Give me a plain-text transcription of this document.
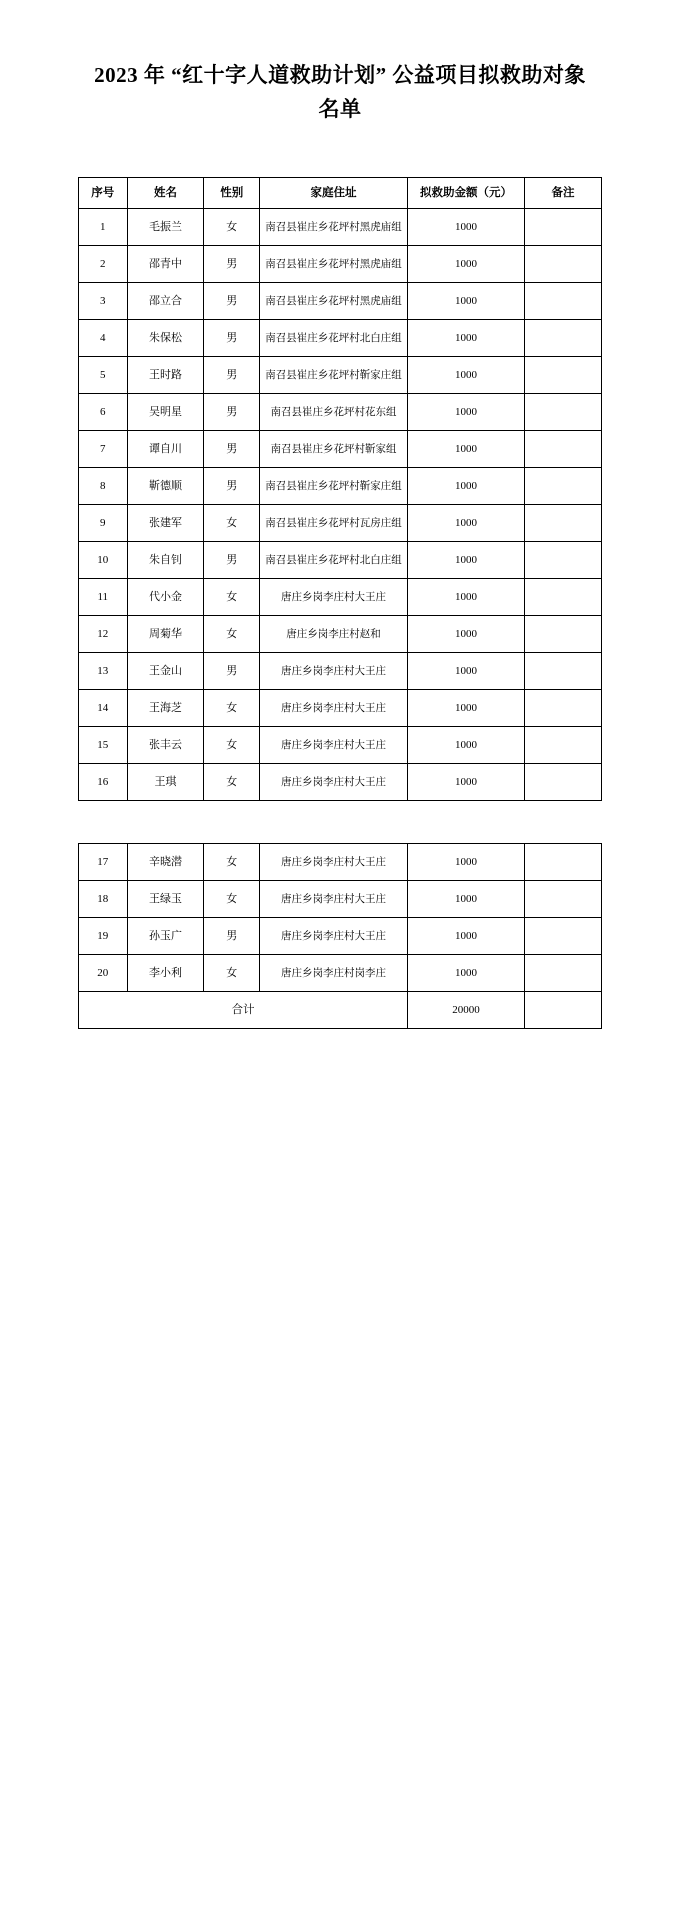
2023 年 “红十字人道救助计划” 公益项目拟救助对象名单
序号	姓名	性别	家庭住址	拟救助金额（元）	备注
1	毛振兰	女	南召县崔庄乡花坪村黑虎庙组	1000	
2	邵青中	男	南召县崔庄乡花坪村黑虎庙组	1000	
3	邵立合	男	南召县崔庄乡花坪村黑虎庙组	1000	
4	朱保松	男	南召县崔庄乡花坪村北白庄组	1000	
5	王时路	男	南召县崔庄乡花坪村靳家庄组	1000	
6	吴明星	男	南召县崔庄乡花坪村花东组	1000	
7	谭自川	男	南召县崔庄乡花坪村靳家组	1000	
8	靳德顺	男	南召县崔庄乡花坪村靳家庄组	1000	
9	张建军	女	南召县崔庄乡花坪村瓦房庄组	1000	
10	朱自钊	男	南召县崔庄乡花坪村北白庄组	1000	
11	代小金	女	唐庄乡岗李庄村大王庄	1000	
12	周菊华	女	唐庄乡岗李庄村赵和	1000	
13	王金山	男	唐庄乡岗李庄村大王庄	1000	
14	王海芝	女	唐庄乡岗李庄村大王庄	1000	
15	张丰云	女	唐庄乡岗李庄村大王庄	1000	
16	王琪	女	唐庄乡岗李庄村大王庄	1000	
17	辛晓潜	女	唐庄乡岗李庄村大王庄	1000	
18	王绿玉	女	唐庄乡岗李庄村大王庄	1000	
19	孙玉广	男	唐庄乡岗李庄村大王庄	1000	
20	李小利	女	唐庄乡岗李庄村岗李庄	1000	
合计				20000	
